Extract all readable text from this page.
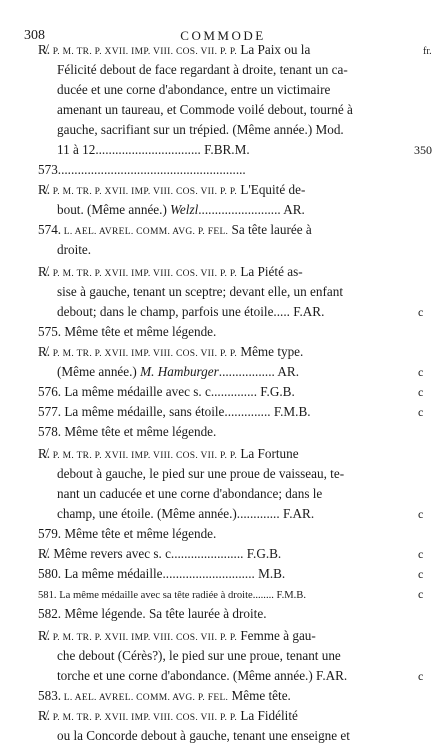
308	COMMODE
fr.
R̸. P. M. TR. P. XVII. IMP. VIII. COS. VII. P. P. La Paix ou la
Félicité debout de face regardant à droite, tenant un ca-
ducée et une corne d'abondance, entre un victimaire
amenant un taureau, et Commode voilé debout, tourné à
gauche, sacrifiant sur un trépied. (Même année.) Mod.
11 à 12................................ F.BR.M.
573.........................................................
R̸. P. M. TR. P. XVII. IMP. VIII. COS. VII. P. P. L'Equité de-
bout. (Même année.) Welzl......................... AR.
574. L. AEL. AVREL. COMM. AVG. P. FEL. Sa tête laurée à
droite.
R̸. P. M. TR. P. XVII. IMP. VIII. COS. VII. P. P. La Piété as-
sise à gauche, tenant un sceptre; devant elle, un enfant
debout; dans le champ, parfois une étoile..... F.AR.
575. Même tête et même légende.
R̸. P. M. TR. P. XVII. IMP. VIII. COS. VII. P. P. Même type.
(Même année.) M. Hamburger................. AR.
576. La même médaille avec s. c.............. F.G.B.
577. La même médaille, sans étoile.............. F.M.B.
578. Même tête et même légende.
R̸. P. M. TR. P. XVII. IMP. VIII. COS. VII. P. P. La Fortune
debout à gauche, le pied sur une proue de vaisseau, te-
nant un caducée et une corne d'abondance; dans le
champ, une étoile. (Même année.)............. F.AR.
579. Même tête et même légende.
R̸. Même revers avec s. c...................... F.G.B.
580. La même médaille............................ M.B.
581. La même médaille avec sa tête radiée à droite........ F.M.B.
582. Même légende. Sa tête laurée à droite.
R̸. P. M. TR. P. XVII. IMP. VIII. COS. VII. P. P. Femme à gau-
che debout (Cérès?), le pied sur une proue, tenant une
torche et une corne d'abondance. (Même année.) F.AR.
583. L. AEL. AVREL. COMM. AVG. P. FEL. Même tête.
R̸. P. M. TR. P. XVII. IMP. VIII. COS. VII. P. P. La Fidélité
ou la Concorde debout à gauche, tenant une enseigne et
350
c
c
c
c
c
c
c
c
c
